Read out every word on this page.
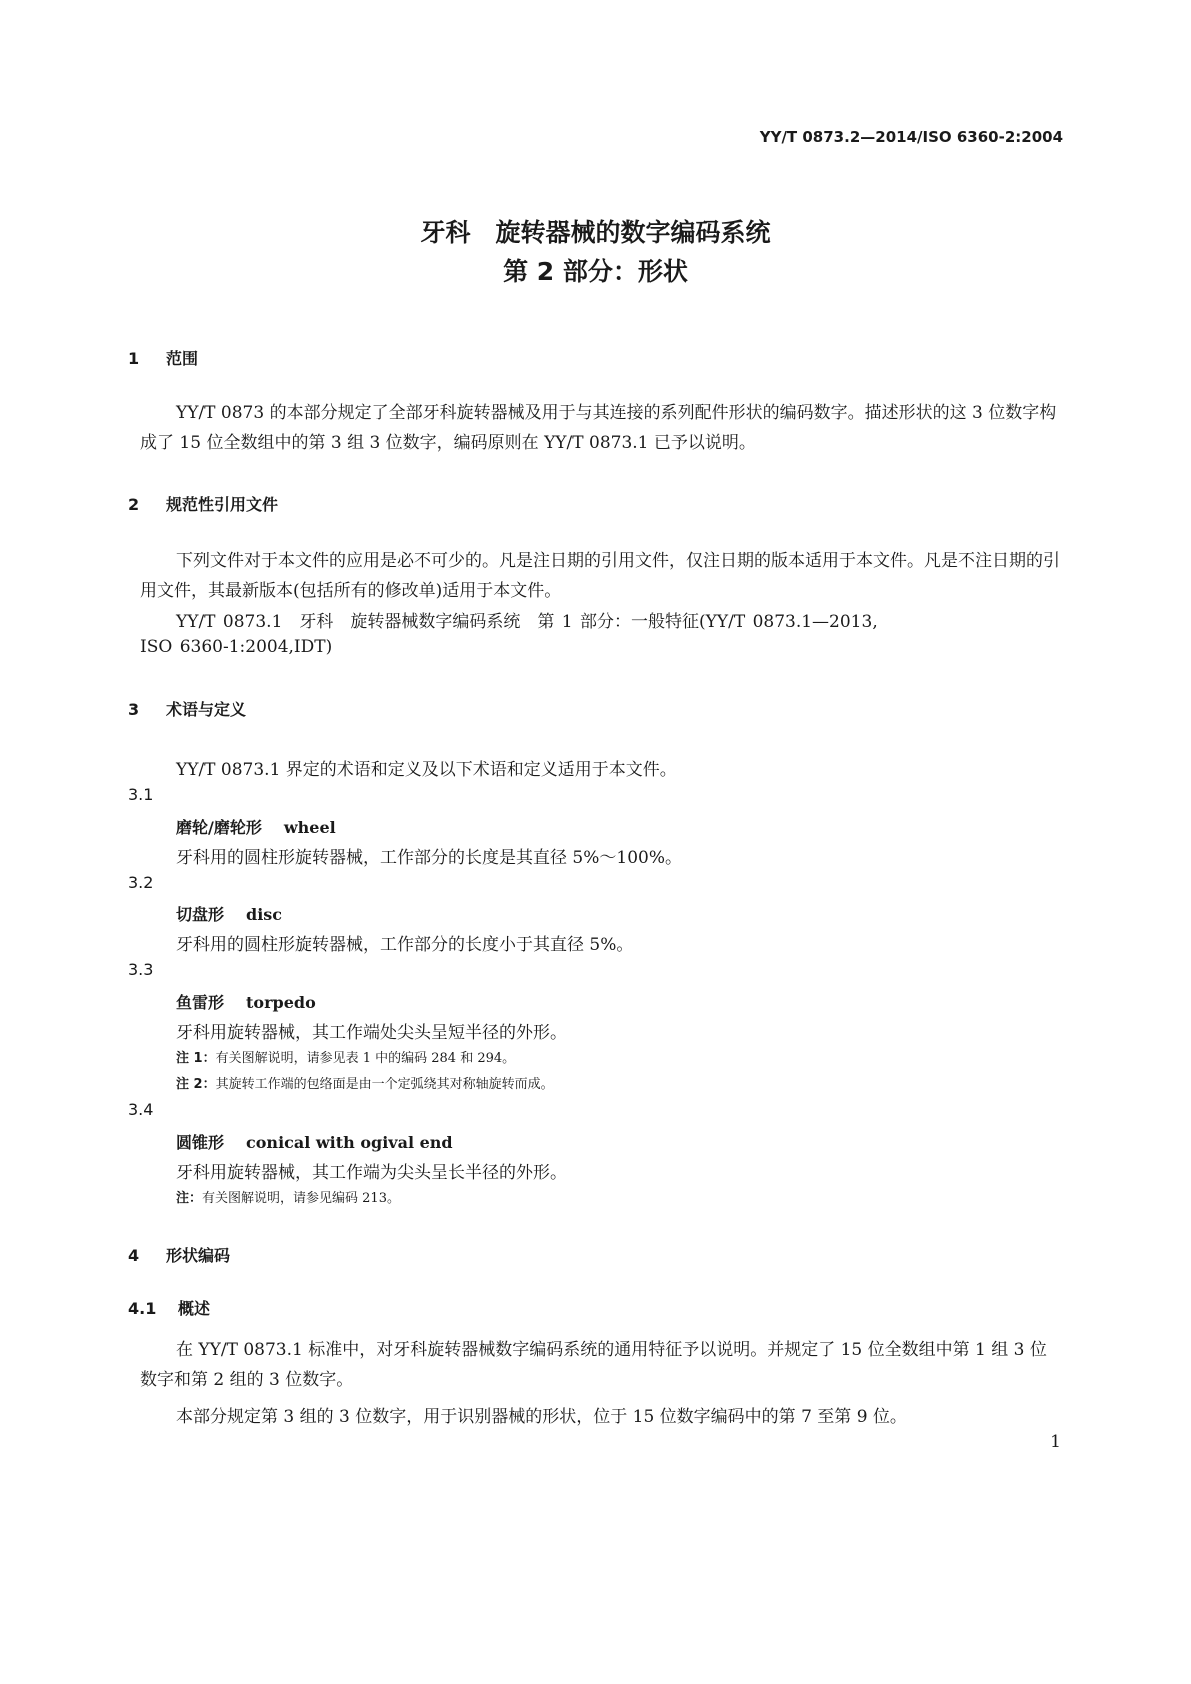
YY/T 0873.2—2014/ISO 6360-2:2004
牙科　旋转器械的数字编码系统
第 2 部分：形状
1 范围
YY/T 0873 的本部分规定了全部牙科旋转器械及用于与其连接的系列配件形状的编码数字。描述形状的这 3 位数字构成了 15 位全数组中的第 3 组 3 位数字，编码原则在 YY/T 0873.1 已予以说明。
2 规范性引用文件
下列文件对于本文件的应用是必不可少的。凡是注日期的引用文件，仅注日期的版本适用于本文件。凡是不注日期的引用文件，其最新版本(包括所有的修改单)适用于本文件。
YY/T 0873.1　牙科　旋转器械数字编码系统　第 1 部分：一般特征(YY/T 0873.1—2013,
ISO 6360-1:2004,IDT)
3 术语与定义
YY/T 0873.1 界定的术语和定义及以下术语和定义适用于本文件。
3.1
磨轮/磨轮形 wheel
牙科用的圆柱形旋转器械，工作部分的长度是其直径 5%～100%。
3.2
切盘形 disc
牙科用的圆柱形旋转器械，工作部分的长度小于其直径 5%。
3.3
鱼雷形 torpedo
牙科用旋转器械，其工作端处尖头呈短半径的外形。
注 1：有关图解说明，请参见表 1 中的编码 284 和 294。
注 2：其旋转工作端的包络面是由一个定弧绕其对称轴旋转而成。
3.4
圆锥形 conical with ogival end
牙科用旋转器械，其工作端为尖头呈长半径的外形。
注：有关图解说明，请参见编码 213。
4 形状编码
4.1 概述
在 YY/T 0873.1 标准中，对牙科旋转器械数字编码系统的通用特征予以说明。并规定了 15 位全数组中第 1 组 3 位数字和第 2 组的 3 位数字。
本部分规定第 3 组的 3 位数字，用于识别器械的形状，位于 15 位数字编码中的第 7 至第 9 位。
1
